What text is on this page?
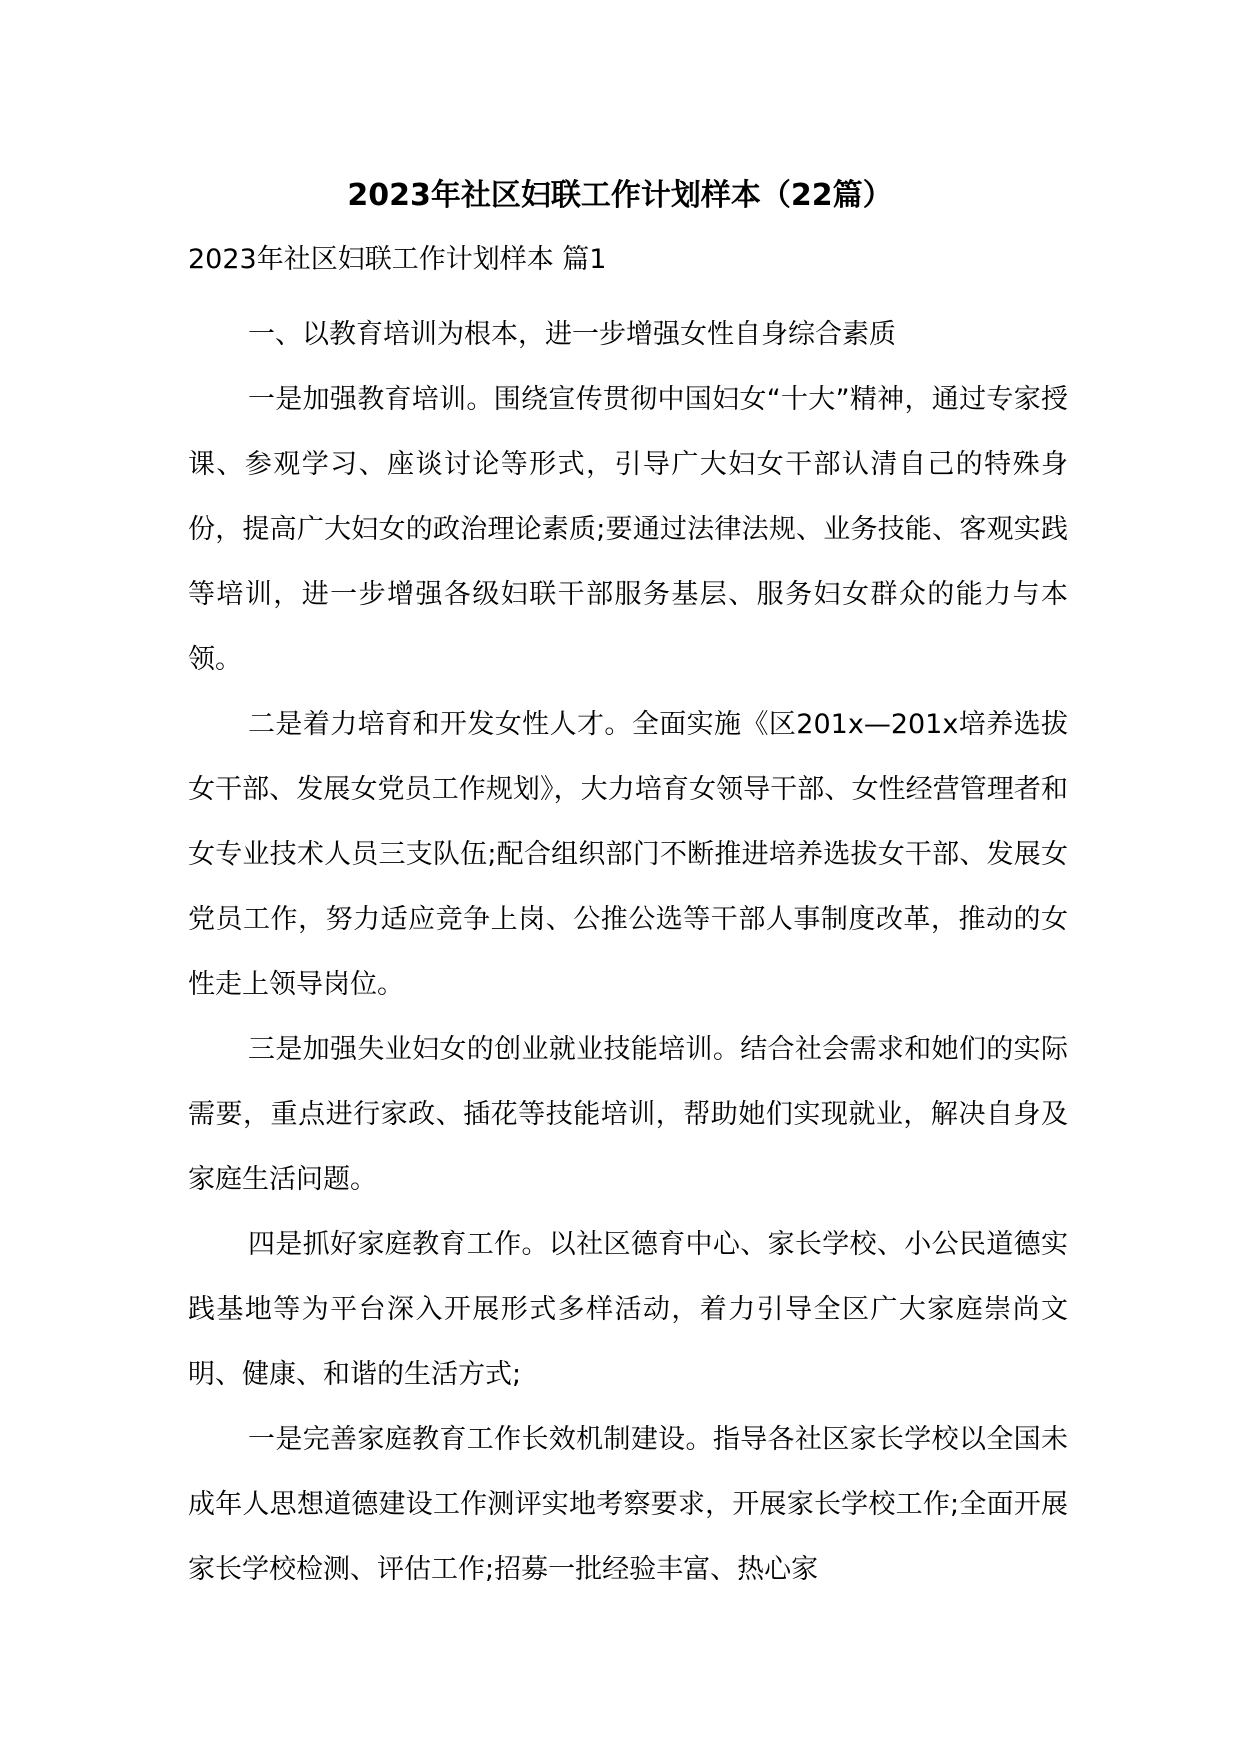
2023年社区妇联工作计划样本（22篇）

2023年社区妇联工作计划样本 篇1

一、以教育培训为根本，进一步增强女性自身综合素质

一是加强教育培训。围绕宣传贯彻中国妇女“十大”精神，通过专家授课、参观学习、座谈讨论等形式，引导广大妇女干部认清自己的特殊身份，提高广大妇女的政治理论素质;要通过法律法规、业务技能、客观实践等培训，进一步增强各级妇联干部服务基层、服务妇女群众的能力与本领。

二是着力培育和开发女性人才。全面实施《区201x—201x培养选拔女干部、发展女党员工作规划》，大力培育女领导干部、女性经营管理者和女专业技术人员三支队伍;配合组织部门不断推进培养选拔女干部、发展女党员工作，努力适应竞争上岗、公推公选等干部人事制度改革，推动的女性走上领导岗位。

三是加强失业妇女的创业就业技能培训。结合社会需求和她们的实际需要，重点进行家政、插花等技能培训，帮助她们实现就业，解决自身及家庭生活问题。

四是抓好家庭教育工作。以社区德育中心、家长学校、小公民道德实践基地等为平台深入开展形式多样活动，着力引导全区广大家庭崇尚文明、健康、和谐的生活方式;

一是完善家庭教育工作长效机制建设。指导各社区家长学校以全国未成年人思想道德建设工作测评实地考察要求，开展家长学校工作;全面开展家长学校检测、评估工作;招募一批经验丰富、热心家
